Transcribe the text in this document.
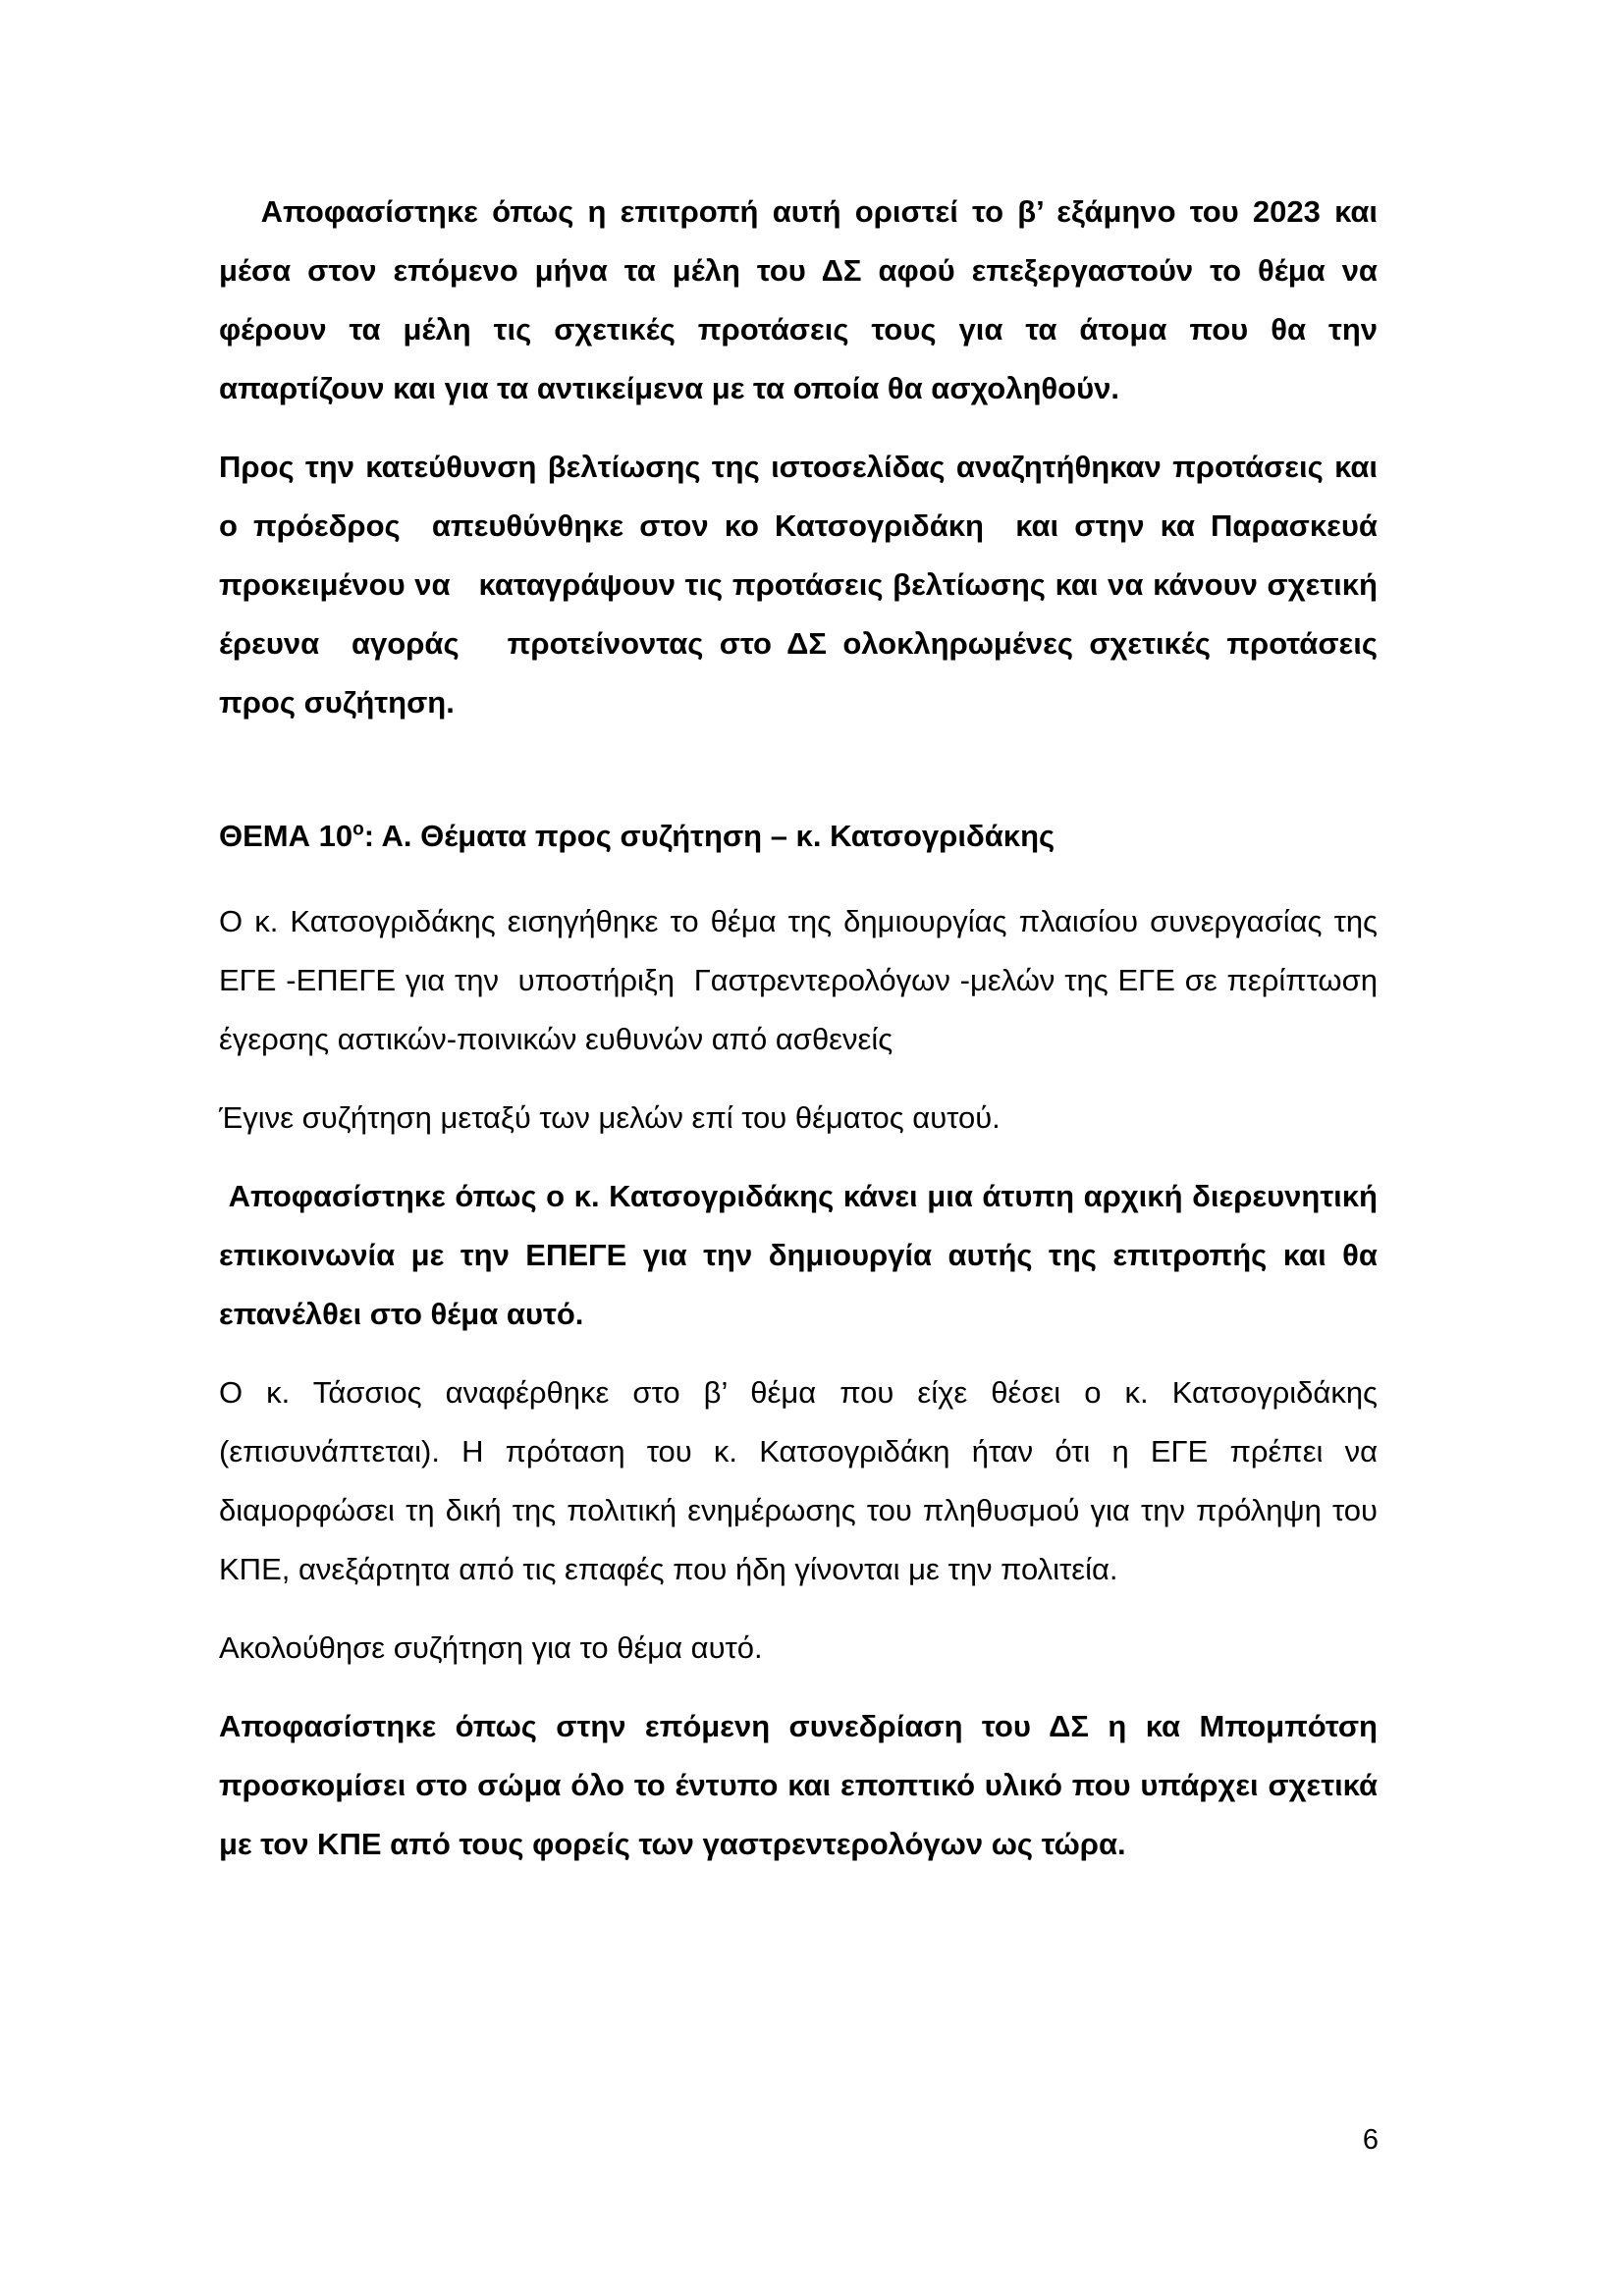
Αποφασίστηκε όπως η επιτροπή αυτή οριστεί το β’ εξάμηνο του 2023 και μέσα στον επόμενο μήνα τα μέλη του ΔΣ αφού επεξεργαστούν το θέμα να φέρουν τα μέλη τις σχετικές προτάσεις τους για τα άτομα που θα την απαρτίζουν και για τα αντικείμενα με τα οποία θα ασχοληθούν.

Προς την κατεύθυνση βελτίωσης της ιστοσελίδας αναζητήθηκαν προτάσεις και ο πρόεδρος  απευθύνθηκε στον κο Κατσογριδάκη  και στην κα Παρασκευά προκειμένου να   καταγράψουν τις προτάσεις βελτίωσης και να κάνουν σχετική έρευνα  αγοράς   προτείνοντας στο ΔΣ ολοκληρωμένες σχετικές προτάσεις προς συζήτηση.

ΘΕΜΑ $10^o$: Α. Θέματα προς συζήτηση – κ. Κατσογριδάκης

Ο κ. Κατσογριδάκης εισηγήθηκε το θέμα της δημιουργίας πλαισίου συνεργασίας της ΕΓΕ -ΕΠΕΓΕ για την  υποστήριξη  Γαστρεντερολόγων -μελών της ΕΓΕ σε περίπτωση  έγερσης αστικών-ποινικών ευθυνών από ασθενείς

Έγινε συζήτηση μεταξύ των μελών επί του θέματος αυτού.

Αποφασίστηκε όπως ο κ. Κατσογριδάκης κάνει μια άτυπη αρχική διερευνητική επικοινωνία με την ΕΠΕΓΕ για την δημιουργία αυτής της επιτροπής και θα επανέλθει στο θέμα αυτό.

Ο κ. Τάσσιος αναφέρθηκε στο β’ θέμα που είχε θέσει ο κ. Κατσογριδάκης (επισυνάπτεται). Η πρόταση του κ. Κατσογριδάκη ήταν ότι η ΕΓΕ πρέπει να διαμορφώσει τη δική της πολιτική ενημέρωσης του πληθυσμού για την πρόληψη του ΚΠΕ, ανεξάρτητα από τις επαφές που ήδη γίνονται με την πολιτεία.

Ακολούθησε συζήτηση για το θέμα αυτό.

Αποφασίστηκε όπως στην επόμενη συνεδρίαση του ΔΣ η κα Μπομπότση προσκομίσει στο σώμα όλο το έντυπο και εποπτικό υλικό που υπάρχει σχετικά με τον ΚΠΕ από τους φορείς των γαστρεντερολόγων ως τώρα.

6
